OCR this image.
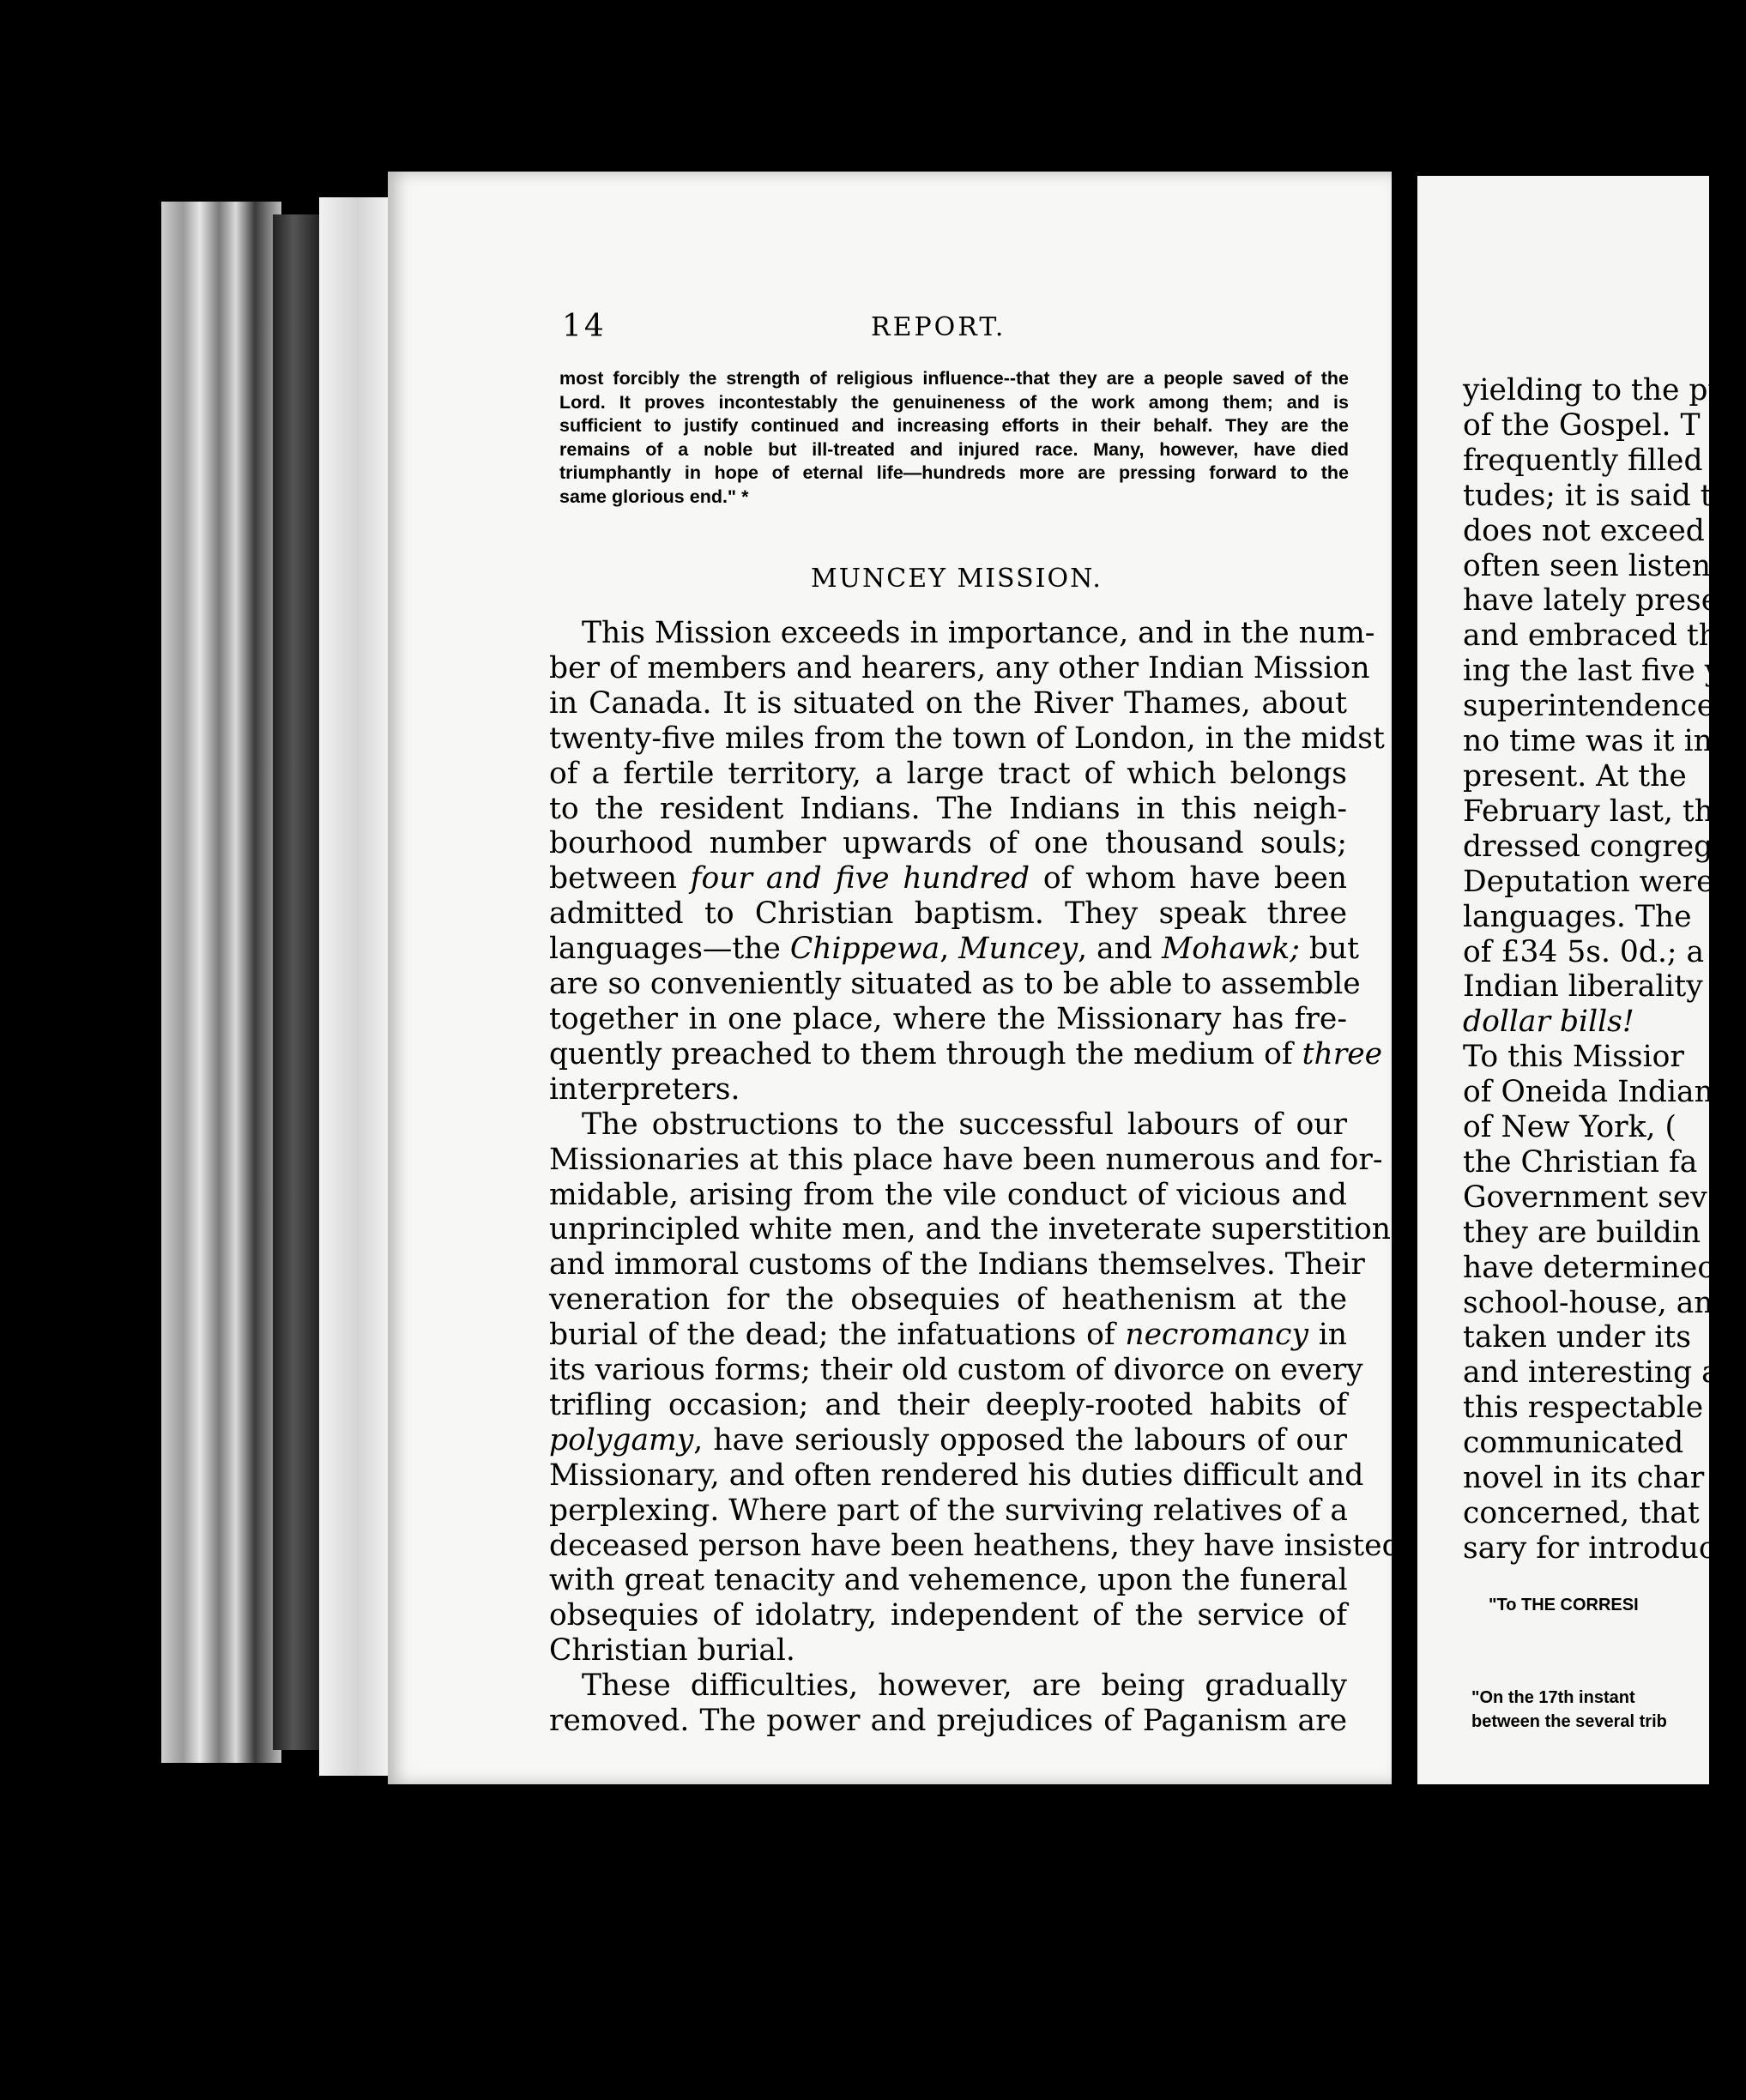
14	REPORT.
most forcibly the strength of religious influence--that they are a people saved of the
Lord. It proves incontestably the genuineness of the work among them; and is
sufficient to justify continued and increasing efforts in their behalf. They are the
remains of a noble but ill-treated and injured race. Many, however, have died
triumphantly in hope of eternal life—hundreds more are pressing forward to the
same glorious end." *
MUNCEY MISSION.
This Mission exceeds in importance, and in the num-
ber of members and hearers, any other Indian Mission
in Canada. It is situated on the River Thames, about
twenty-five miles from the town of London, in the midst
of a fertile territory, a large tract of which belongs
to the resident Indians. The Indians in this neigh-
bourhood number upwards of one thousand souls;
between four and five hundred of whom have been
admitted to Christian baptism. They speak three
languages—the Chippewa, Muncey, and Mohawk; but
are so conveniently situated as to be able to assemble
together in one place, where the Missionary has fre-
quently preached to them through the medium of three
interpreters.
The obstructions to the successful labours of our
Missionaries at this place have been numerous and for-
midable, arising from the vile conduct of vicious and
unprincipled white men, and the inveterate superstitions
and immoral customs of the Indians themselves. Their
veneration for the obsequies of heathenism at the
burial of the dead; the infatuations of necromancy in
its various forms; their old custom of divorce on every
trifling occasion; and their deeply-rooted habits of
polygamy, have seriously opposed the labours of our
Missionary, and often rendered his duties difficult and
perplexing. Where part of the surviving relatives of a
deceased person have been heathens, they have insisted,
with great tenacity and vehemence, upon the funeral
obsequies of idolatry, independent of the service of
Christian burial.
These difficulties, however, are being gradually
removed. The power and prejudices of Paganism are
yielding to the pu
of the Gospel. T
frequently filled t
tudes; it is said t
does not exceed o
often seen listeni
have lately preser
and embraced the
ing the last five y
superintendence c
no time was it in
present. At the
February last, th
dressed congregat
Deputation were
languages. The
of £34 5s. 0d.; a
Indian liberality
dollar bills!
To this Missior
of Oneida Indian
of New York, (
the Christian fa
Government sev
they are buildin
have determinec
school-house, an
taken under its
and interesting a
this respectable
communicated
novel in its char
concerned, that
sary for introduc
"To THE CORRESI
"On the 17th instant
between the several trib
